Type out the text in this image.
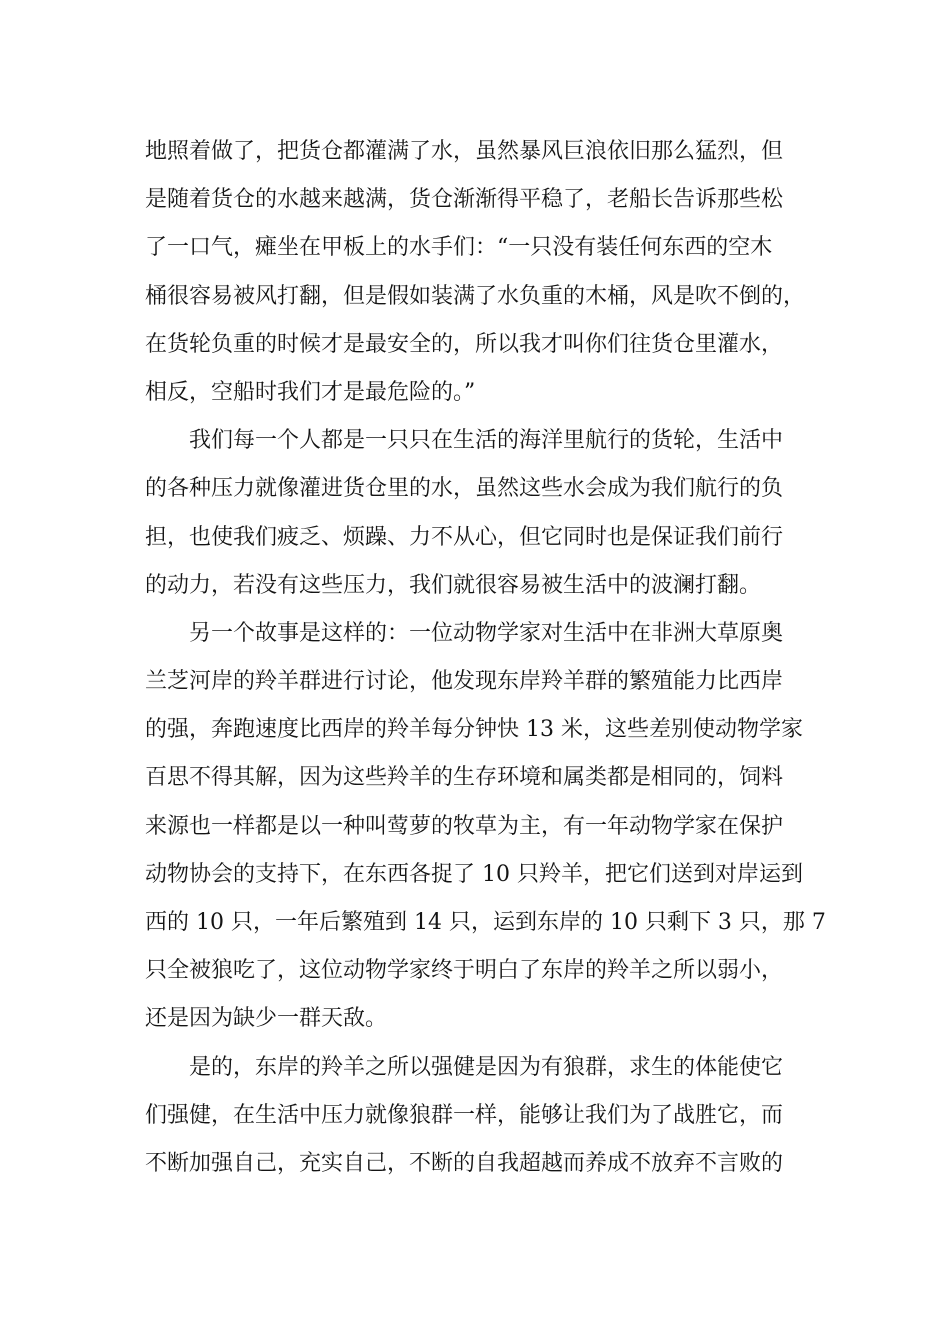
地照着做了，把货仓都灌满了水，虽然暴风巨浪依旧那么猛烈，但
是随着货仓的水越来越满，货仓渐渐得平稳了，老船长告诉那些松
了一口气，瘫坐在甲板上的水手们：“一只没有装任何东西的空木
桶很容易被风打翻，但是假如装满了水负重的木桶，风是吹不倒的，
在货轮负重的时候才是最安全的，所以我才叫你们往货仓里灌水，
相反，空船时我们才是最危险的。”
我们每一个人都是一只只在生活的海洋里航行的货轮，生活中
的各种压力就像灌进货仓里的水，虽然这些水会成为我们航行的负
担，也使我们疲乏、烦躁、力不从心，但它同时也是保证我们前行
的动力，若没有这些压力，我们就很容易被生活中的波澜打翻。
另一个故事是这样的：一位动物学家对生活中在非洲大草原奥
兰芝河岸的羚羊群进行讨论，他发现东岸羚羊群的繁殖能力比西岸
的强，奔跑速度比西岸的羚羊每分钟快 13 米，这些差别使动物学家
百思不得其解，因为这些羚羊的生存环境和属类都是相同的，饲料
来源也一样都是以一种叫莺萝的牧草为主，有一年动物学家在保护
动物协会的支持下，在东西各捉了 10 只羚羊，把它们送到对岸运到
西的 10 只，一年后繁殖到 14 只，运到东岸的 10 只剩下 3 只，那 7
只全被狼吃了，这位动物学家终于明白了东岸的羚羊之所以弱小，
还是因为缺少一群天敌。
是的，东岸的羚羊之所以强健是因为有狼群，求生的体能使它
们强健，在生活中压力就像狼群一样，能够让我们为了战胜它，而
不断加强自己，充实自己，不断的自我超越而养成不放弃不言败的
